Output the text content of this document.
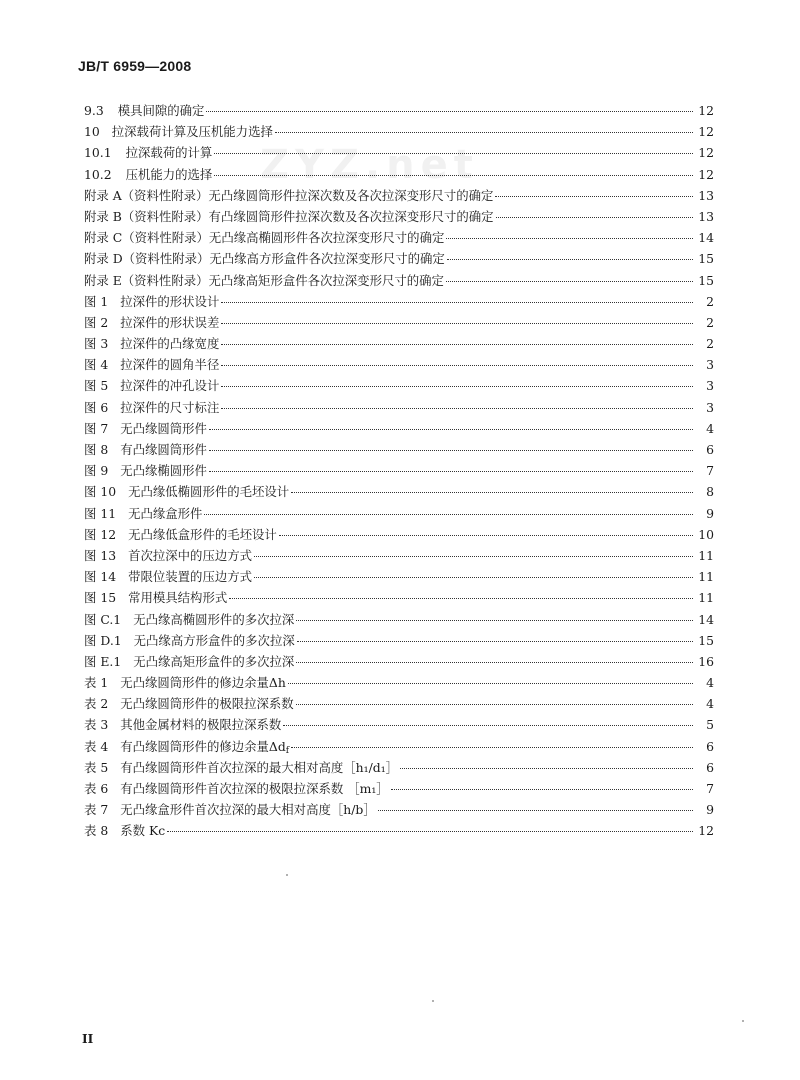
JB/T 6959—2008
ZYZ.net
9.3 模具间隙的确定	12
10 拉深载荷计算及压机能力选择	12
10.1 拉深载荷的计算	12
10.2 压机能力的选择	12
附录 A （资料性附录）无凸缘圆筒形件拉深次数及各次拉深变形尺寸的确定	13
附录 B （资料性附录）有凸缘圆筒形件拉深次数及各次拉深变形尺寸的确定	13
附录 C （资料性附录）无凸缘高椭圆形件各次拉深变形尺寸的确定	14
附录 D （资料性附录）无凸缘高方形盒件各次拉深变形尺寸的确定	15
附录 E （资料性附录）无凸缘高矩形盒件各次拉深变形尺寸的确定	15
图 1 拉深件的形状设计	2
图 2 拉深件的形状误差	2
图 3 拉深件的凸缘宽度	2
图 4 拉深件的圆角半径	3
图 5 拉深件的冲孔设计	3
图 6 拉深件的尺寸标注	3
图 7 无凸缘圆筒形件	4
图 8 有凸缘圆筒形件	6
图 9 无凸缘椭圆形件	7
图 10 无凸缘低椭圆形件的毛坯设计	8
图 11 无凸缘盒形件	9
图 12 无凸缘低盒形件的毛坯设计	10
图 13 首次拉深中的压边方式	11
图 14 带限位装置的压边方式	11
图 15 常用模具结构形式	11
图 C.1 无凸缘高椭圆形件的多次拉深	14
图 D.1 无凸缘高方形盒件的多次拉深	15
图 E.1 无凸缘高矩形盒件的多次拉深	16
表 1 无凸缘圆筒形件的修边余量Δh	4
表 2 无凸缘圆筒形件的极限拉深系数	4
表 3 其他金属材料的极限拉深系数	5
表 4 有凸缘圆筒形件的修边余量$\Delta d_f$	6
表 5 有凸缘圆筒形件首次拉深的最大相对高度［h₁/d₁］	6
表 6 有凸缘圆筒形件首次拉深的极限拉深系数 ［m₁］	7
表 7 无凸缘盒形件首次拉深的最大相对高度［h/b］	9
表 8 系数 Kc	12
II
